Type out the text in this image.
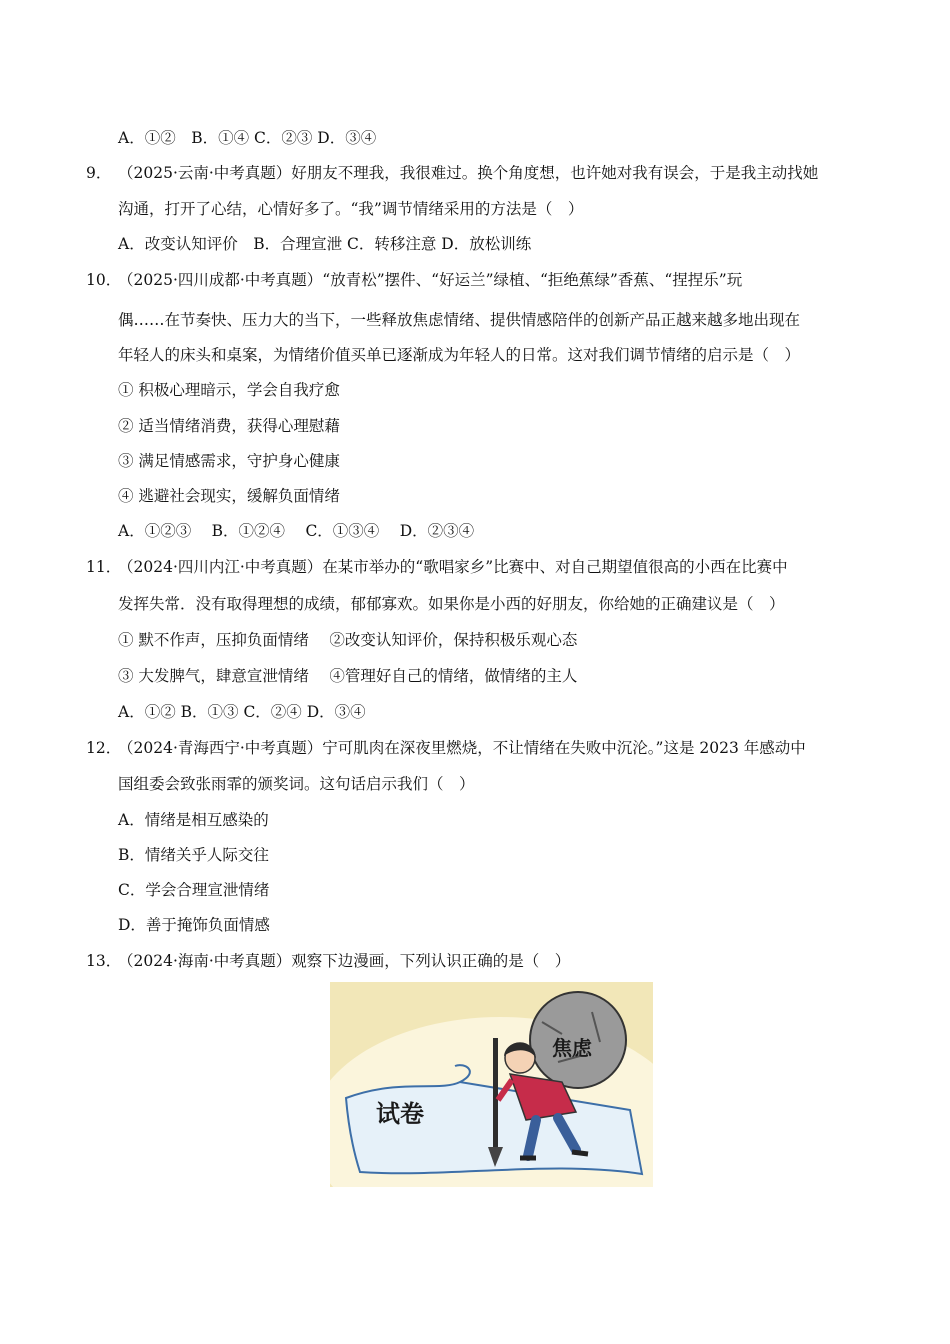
A．①②　B．①④ C．②③ D．③④
9． （2025·云南·中考真题）好朋友不理我，我很难过。换个角度想，也许她对我有误会，于是我主动找她
沟通，打开了心结，心情好多了。“我”调节情绪采用的方法是（　）
A．改变认知评价　B．合理宣泄 C．转移注意 D．放松训练
10．
（2025·四川成都·中考真题）“放青松”摆件、“好运兰”绿植、“拒绝蕉绿”香蕉、“捏捏乐”玩
偶……在节奏快、压力大的当下，一些释放焦虑情绪、提供情感陪伴的创新产品正越来越多地出现在
年轻人的床头和桌案，为情绪价值买单已逐渐成为年轻人的日常。这对我们调节情绪的启示是（　）
① 积极心理暗示，学会自我疗愈
② 适当情绪消费，获得心理慰藉
③ 满足情感需求，守护身心健康
④ 逃避社会现实，缓解负面情绪
A．①②③　 B．①②④　 C．①③④　 D．②③④
11．
（2024·四川内江·中考真题）在某市举办的“歌唱家乡”比赛中、对自己期望值很高的小西在比赛中
发挥失常．没有取得理想的成绩，郁郁寡欢。如果你是小西的好朋友，你给她的正确建议是（　）
① 默不作声，压抑负面情绪　 ②改变认知评价，保持积极乐观心态
③ 大发脾气，肆意宣泄情绪　 ④管理好自己的情绪，做情绪的主人
A．①② B．①③ C．②④ D．③④
12．
（2024·青海西宁·中考真题）宁可肌肉在深夜里燃烧，不让情绪在失败中沉沦。”这是 2023 年感动中
国组委会致张雨霏的颁奖词。这句话启示我们（　）
A．情绪是相互感染的
B．情绪关乎人际交往
C．学会合理宣泄情绪
D．善于掩饰负面情感
13．
（2024·海南·中考真题）观察下边漫画，下列认识正确的是（　）
试卷
焦虑
